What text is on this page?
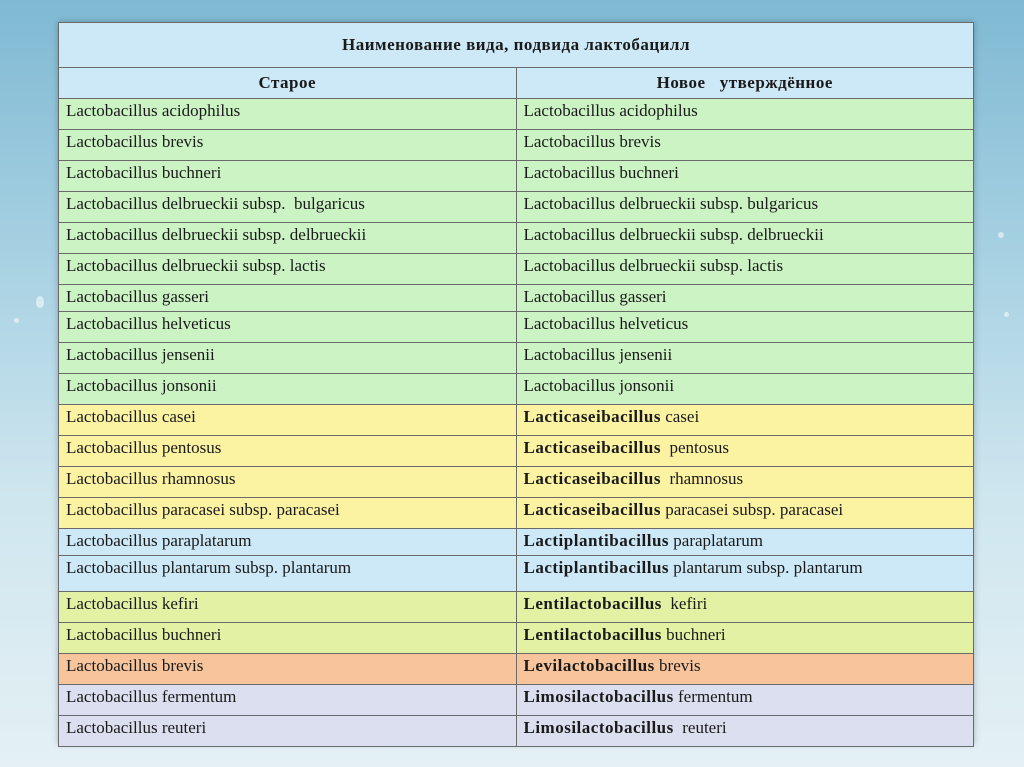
Наименование вида, подвида лактобацилл	
Старое	Новое   утверждённое
Lactobacillus acidophilus	Lactobacillus acidophilus
Lactobacillus brevis	Lactobacillus brevis
Lactobacillus buchneri	Lactobacillus buchneri
Lactobacillus delbrueckii subsp.  bulgaricus	Lactobacillus delbrueckii subsp. bulgaricus
Lactobacillus delbrueckii subsp. delbrueckii	Lactobacillus delbrueckii subsp. delbrueckii
Lactobacillus delbrueckii subsp. lactis	Lactobacillus delbrueckii subsp. lactis
Lactobacillus gasseri	Lactobacillus gasseri
Lactobacillus helveticus	Lactobacillus helveticus
Lactobacillus jensenii	Lactobacillus jensenii
Lactobacillus jonsonii	Lactobacillus jonsonii
Lactobacillus casei	Lacticaseibacillus casei
Lactobacillus pentosus	Lacticaseibacillus  pentosus
Lactobacillus rhamnosus	Lacticaseibacillus  rhamnosus
Lactobacillus paracasei subsp. paracasei	Lacticaseibacillus paracasei subsp. paracasei
Lactobacillus paraplatarum	Lactiplantibacillus paraplatarum
Lactobacillus plantarum subsp. plantarum	Lactiplantibacillus plantarum subsp. plantarum
Lactobacillus kefiri	Lentilactobacillus  kefiri
Lactobacillus buchneri	Lentilactobacillus buchneri
Lactobacillus brevis	Levilactobacillus brevis
Lactobacillus fermentum	Limosilactobacillus fermentum
Lactobacillus reuteri	Limosilactobacillus  reuteri
